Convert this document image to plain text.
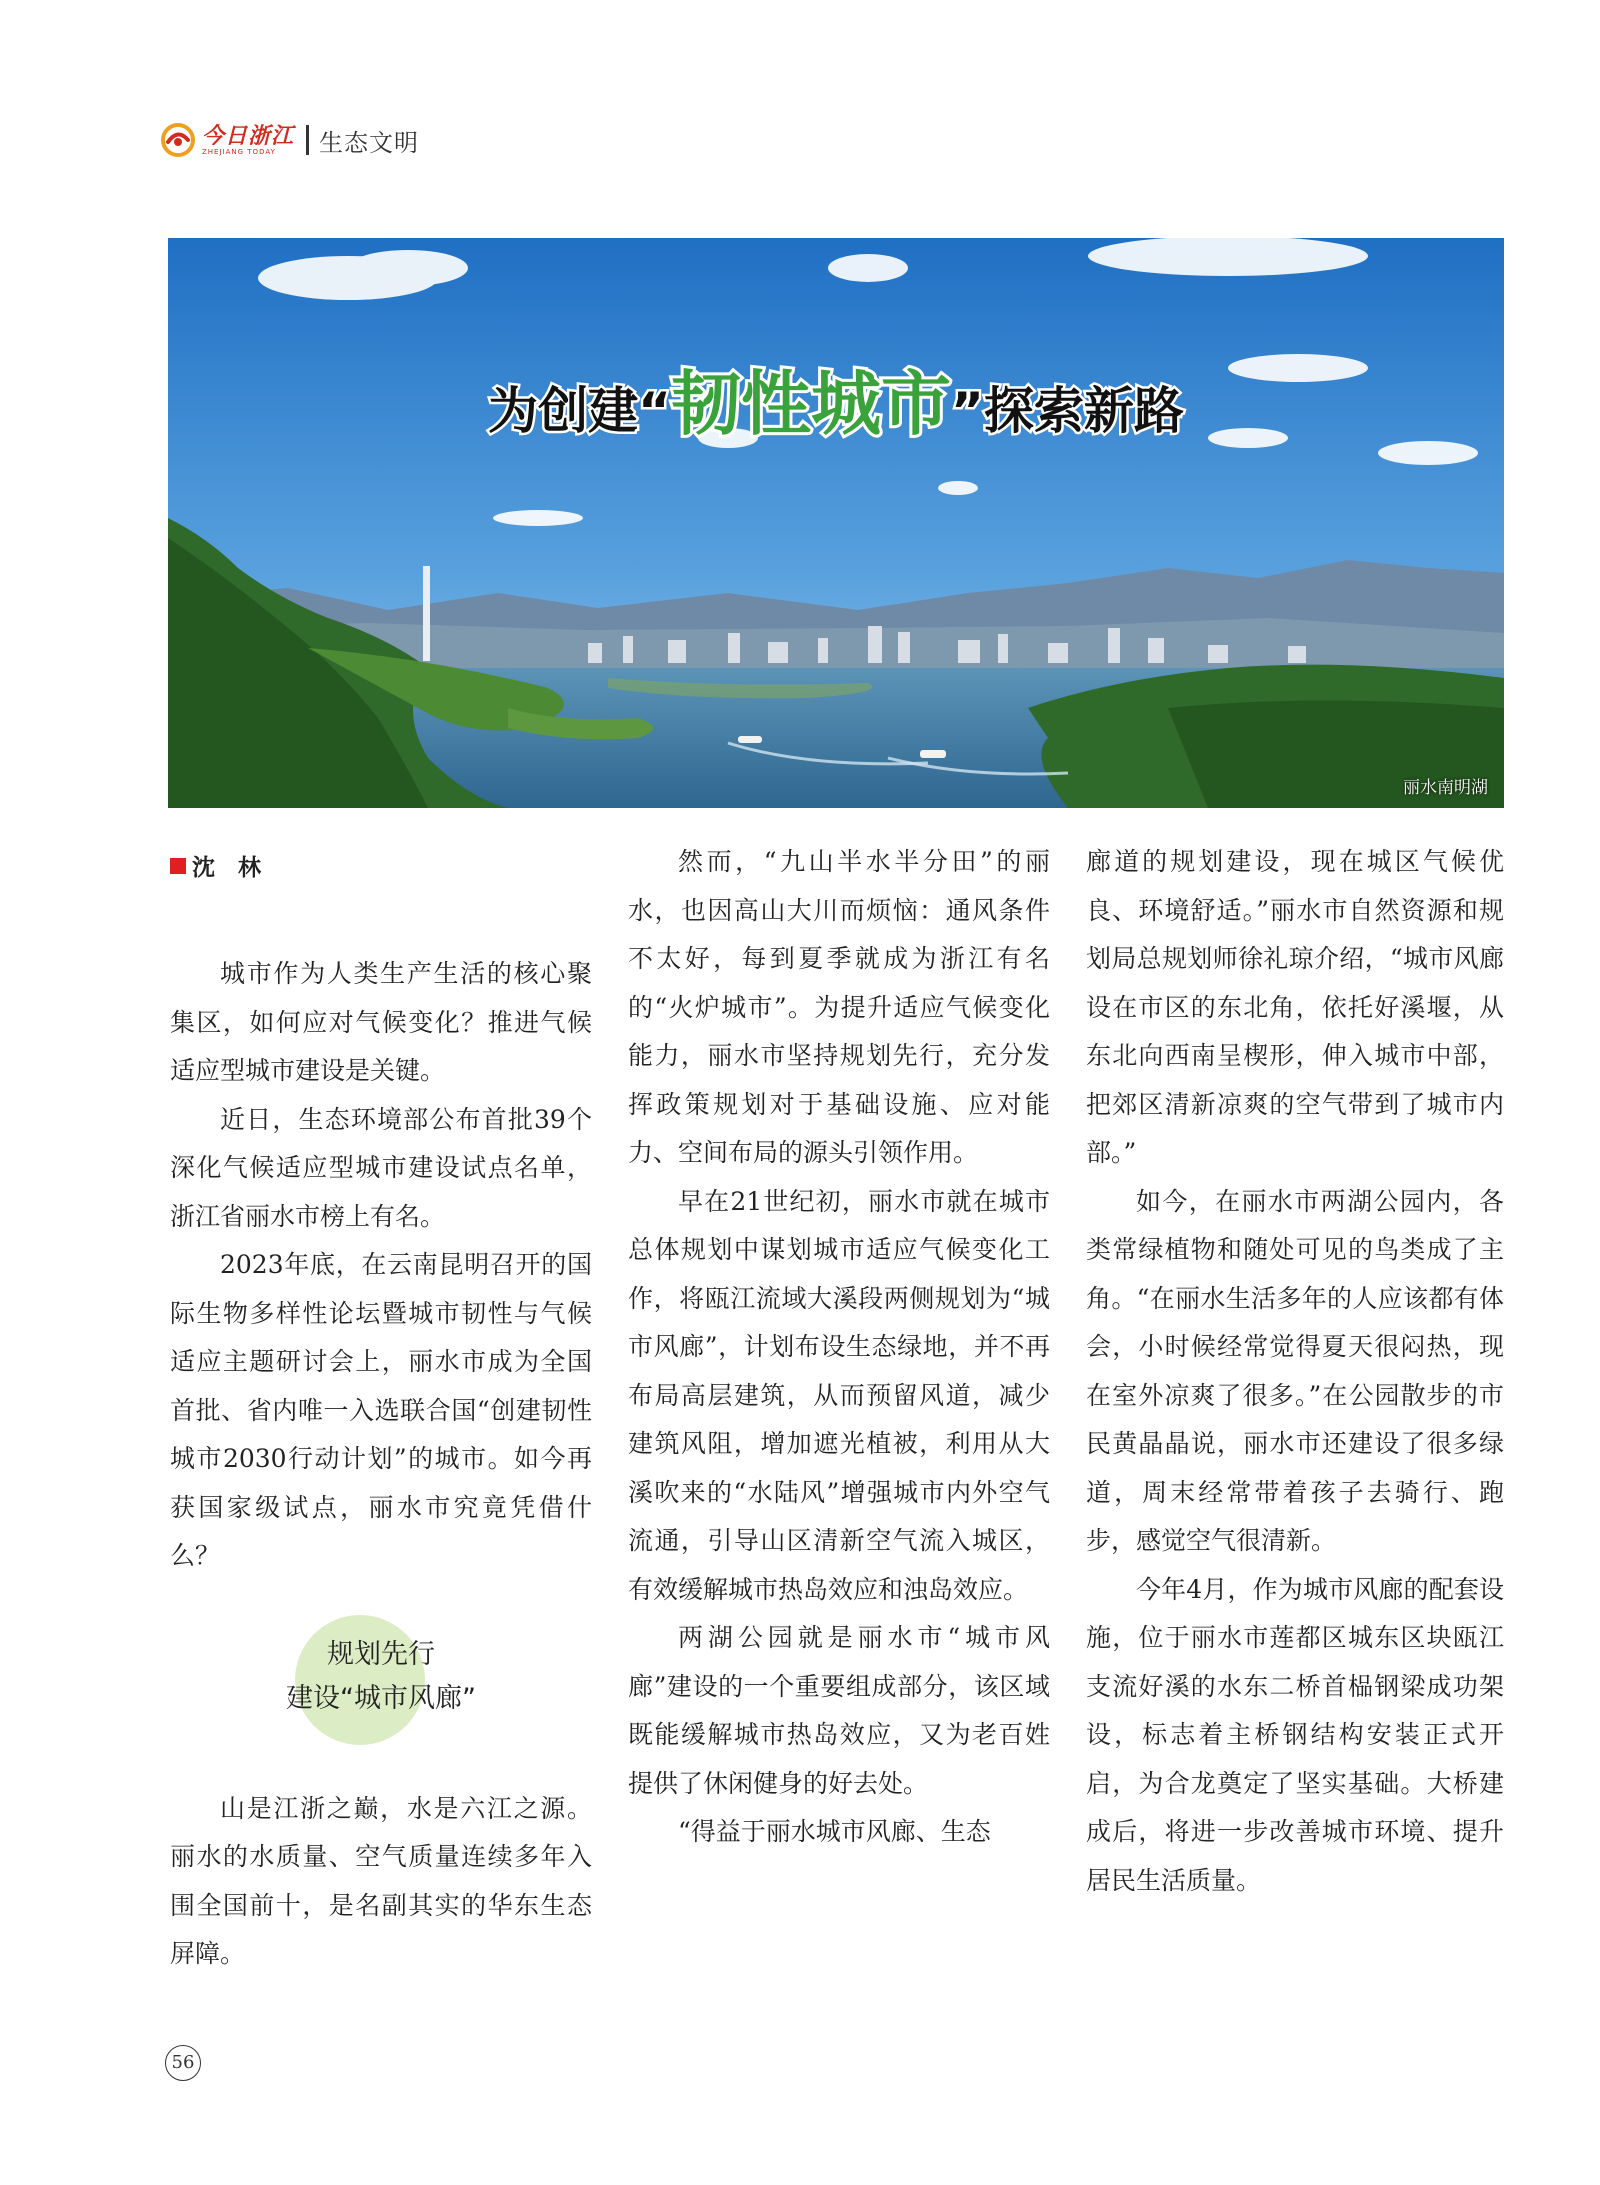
今日浙江
ZHEJIANG TODAY	生态文明
为创建“韧性城市”探索新路
丽水南明湖
沈　林

城市作为人类生产生活的核心聚集区，如何应对气候变化？推进气候适应型城市建设是关键。

近日，生态环境部公布首批39个深化气候适应型城市建设试点名单，浙江省丽水市榜上有名。

2023年底，在云南昆明召开的国际生物多样性论坛暨城市韧性与气候适应主题研讨会上，丽水市成为全国首批、省内唯一入选联合国“创建韧性城市2030行动计划”的城市。如今再获国家级试点，丽水市究竟凭借什么？

规划先行
建设“城市风廊”

山是江浙之巅，水是六江之源。丽水的水质量、空气质量连续多年入围全国前十，是名副其实的华东生态屏障。

然而，“九山半水半分田”的丽水，也因高山大川而烦恼：通风条件不太好，每到夏季就成为浙江有名的“火炉城市”。为提升适应气候变化能力，丽水市坚持规划先行，充分发挥政策规划对于基础设施、应对能力、空间布局的源头引领作用。

早在21世纪初，丽水市就在城市总体规划中谋划城市适应气候变化工作，将瓯江流域大溪段两侧规划为“城市风廊”，计划布设生态绿地，并不再布局高层建筑，从而预留风道，减少建筑风阻，增加遮光植被，利用从大溪吹来的“水陆风”增强城市内外空气流通，引导山区清新空气流入城区，有效缓解城市热岛效应和浊岛效应。

两湖公园就是丽水市“城市风廊”建设的一个重要组成部分，该区域既能缓解城市热岛效应，又为老百姓提供了休闲健身的好去处。

“得益于丽水城市风廊、生态

廊道的规划建设，现在城区气候优良、环境舒适。”丽水市自然资源和规划局总规划师徐礼琼介绍，“城市风廊设在市区的东北角，依托好溪堰，从东北向西南呈楔形，伸入城市中部，把郊区清新凉爽的空气带到了城市内部。”

如今，在丽水市两湖公园内，各类常绿植物和随处可见的鸟类成了主角。“在丽水生活多年的人应该都有体会，小时候经常觉得夏天很闷热，现在室外凉爽了很多。”在公园散步的市民黄晶晶说，丽水市还建设了很多绿道，周末经常带着孩子去骑行、跑步，感觉空气很清新。

今年4月，作为城市风廊的配套设施，位于丽水市莲都区城东区块瓯江支流好溪的水东二桥首榀钢梁成功架设，标志着主桥钢结构安装正式开启，为合龙奠定了坚实基础。大桥建成后，将进一步改善城市环境、提升居民生活质量。

56
